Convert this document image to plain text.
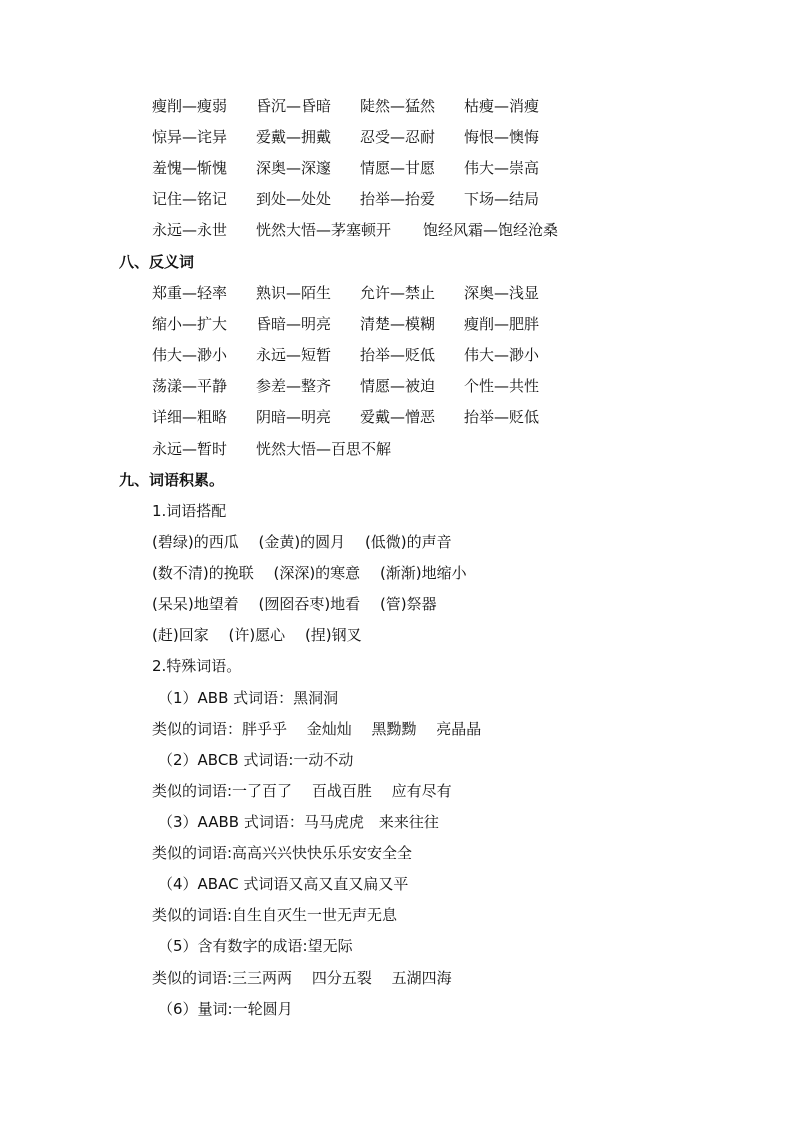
瘦削—瘦弱	昏沉—昏暗	陡然—猛然	枯瘦—消瘦
惊异—诧异	爱戴—拥戴	忍受—忍耐	悔恨—懊悔
羞愧—惭愧	深奥—深邃	情愿—甘愿	伟大—崇高
记住—铭记	到处—处处	抬举—抬爱	下场—结局
永远—永世	恍然大悟—茅塞顿开	饱经风霜—饱经沧桑
八、反义词
郑重—轻率	熟识—陌生	允许—禁止	深奥—浅显
缩小—扩大	昏暗—明亮	清楚—模糊	瘦削—肥胖
伟大—渺小	永远—短暂	抬举—贬低	伟大—渺小
荡漾—平静	参差—整齐	情愿—被迫	个性—共性
详细—粗略	阴暗—明亮	爱戴—憎恶	抬举—贬低
永远—暂时	恍然大悟—百思不解
九、词语积累。
1.词语搭配
(碧绿)的西瓜　 (金黄)的圆月　 (低微)的声音
(数不清)的挽联　 (深深)的寒意　 (渐渐)地缩小
(呆呆)地望着　 (囫囵吞枣)地看　 (管)祭器
(赶)回家　 (许)愿心　 (捏)钢叉
2.特殊词语。
（1）ABB 式词语：黑洞洞
类似的词语：胖乎乎　 金灿灿　 黑黝黝　 亮晶晶
（2）ABCB 式词语:一动不动
类似的词语:一了百了　 百战百胜　 应有尽有
（3）AABB 式词语：马马虎虎　来来往往
类似的词语:高高兴兴快快乐乐安安全全
（4）ABAC 式词语又高又直又扁又平
类似的词语:自生自灭生一世无声无息
（5）含有数字的成语:望无际
类似的词语:三三两两　 四分五裂　 五湖四海
（6）量词:一轮圆月
